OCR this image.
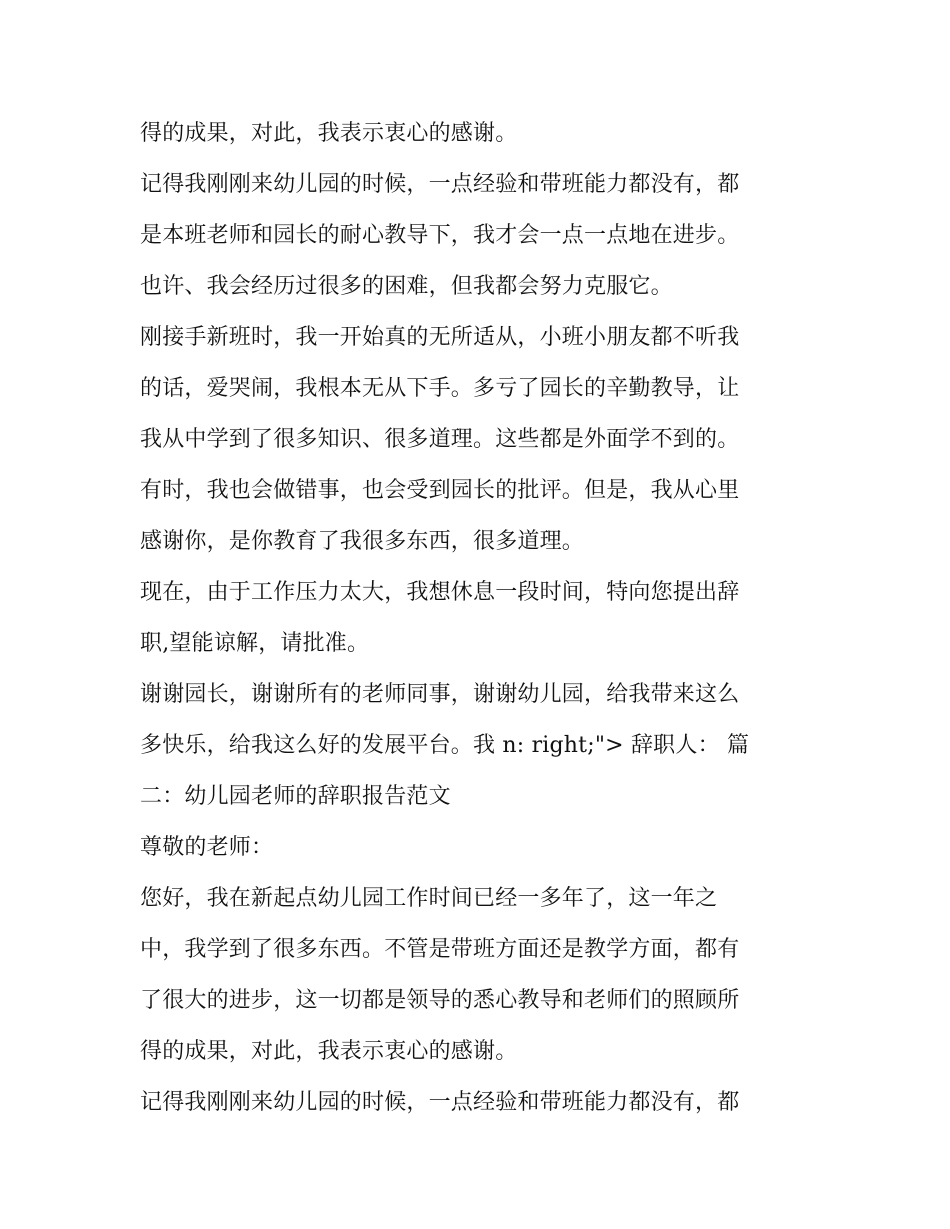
得的成果，对此，我表示衷心的感谢。
记得我刚刚来幼儿园的时候，一点经验和带班能力都没有，都
是本班老师和园长的耐心教导下，我才会一点一点地在进步。
也许、我会经历过很多的困难，但我都会努力克服它。
刚接手新班时，我一开始真的无所适从，小班小朋友都不听我
的话，爱哭闹，我根本无从下手。多亏了园长的辛勤教导，让
我从中学到了很多知识、很多道理。这些都是外面学不到的。
有时，我也会做错事，也会受到园长的批评。但是，我从心里
感谢你，是你教育了我很多东西，很多道理。
现在，由于工作压力太大，我想休息一段时间，特向您提出辞
职,望能谅解，请批准。
谢谢园长，谢谢所有的老师同事，谢谢幼儿园，给我带来这么
多快乐，给我这么好的发展平台。我 n: right;"> 辞职人： 篇
二：幼儿园老师的辞职报告范文
尊敬的老师：
您好，我在新起点幼儿园工作时间已经一多年了，这一年之
中，我学到了很多东西。不管是带班方面还是教学方面，都有
了很大的进步，这一切都是领导的悉心教导和老师们的照顾所
得的成果，对此，我表示衷心的感谢。
记得我刚刚来幼儿园的时候，一点经验和带班能力都没有，都
